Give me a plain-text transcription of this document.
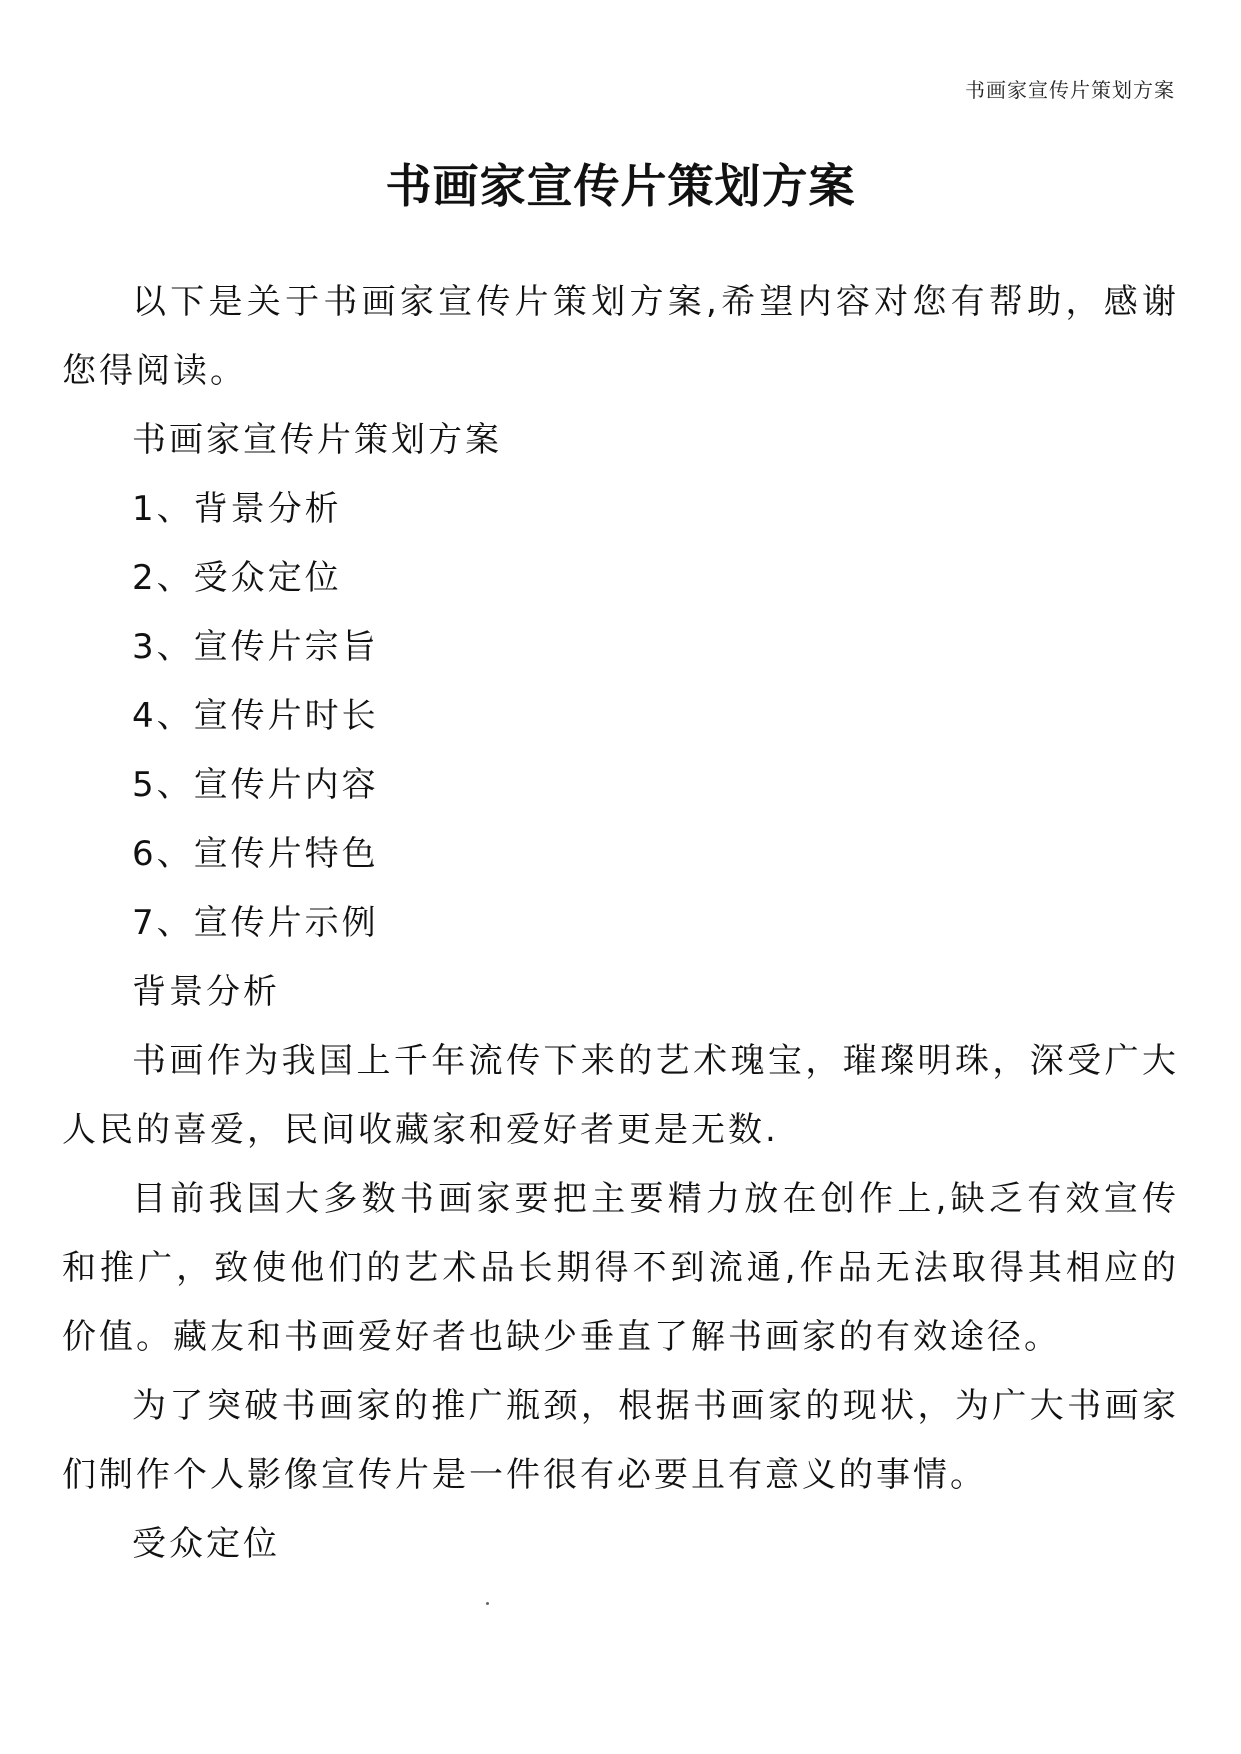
书画家宣传片策划方案
书画家宣传片策划方案

以下是关于书画家宣传片策划方案,希望内容对您有帮助，感谢您得阅读。

书画家宣传片策划方案

1、背景分析

2、受众定位

3、宣传片宗旨

4、宣传片时长

5、宣传片内容

6、宣传片特色

7、宣传片示例

背景分析

书画作为我国上千年流传下来的艺术瑰宝，璀璨明珠，深受广大人民的喜爱，民间收藏家和爱好者更是无数.

目前我国大多数书画家要把主要精力放在创作上,缺乏有效宣传和推广，致使他们的艺术品长期得不到流通,作品无法取得其相应的价值。藏友和书画爱好者也缺少垂直了解书画家的有效途径。

为了突破书画家的推广瓶颈，根据书画家的现状，为广大书画家们制作个人影像宣传片是一件很有必要且有意义的事情。

受众定位
